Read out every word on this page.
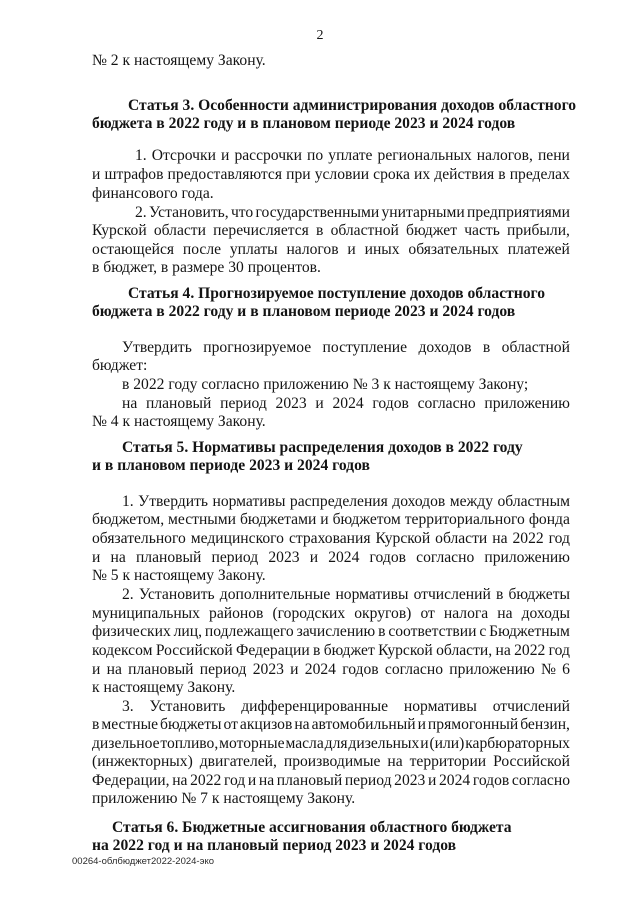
2
№ 2 к настоящему Закону.
Статья 3. Особенности администрирования доходов областного
бюджета в 2022 году и в плановом периоде 2023 и 2024 годов
1. Отсрочки и рассрочки по уплате региональных налогов, пени
и штрафов предоставляются при условии срока их действия в пределах
финансового года.
2. Установить, что государственными унитарными предприятиями
Курской области перечисляется в областной бюджет часть прибыли,
остающейся после уплаты налогов и иных обязательных платежей
в бюджет, в размере 30 процентов.
Статья 4. Прогнозируемое поступление доходов областного
бюджета в 2022 году и в плановом периоде 2023 и 2024 годов
Утвердить прогнозируемое поступление доходов в областной
бюджет:
в 2022 году согласно приложению № 3 к настоящему Закону;
на плановый период 2023 и 2024 годов согласно приложению
№ 4 к настоящему Закону.
Статья 5. Нормативы распределения доходов в 2022 году
и в плановом периоде 2023 и 2024 годов
1. Утвердить нормативы распределения доходов между областным
бюджетом, местными бюджетами и бюджетом территориального фонда
обязательного медицинского страхования Курской области на 2022 год
и на плановый период 2023 и 2024 годов согласно приложению
№ 5 к настоящему Закону.
2. Установить дополнительные нормативы отчислений в бюджеты
муниципальных районов (городских округов) от налога на доходы
физических лиц, подлежащего зачислению в соответствии с Бюджетным
кодексом Российской Федерации в бюджет Курской области, на 2022 год
и на плановый период 2023 и 2024 годов согласно приложению № 6
к настоящему Закону.
3. Установить дифференцированные нормативы отчислений
в местные бюджеты от акцизов на автомобильный и прямогонный бензин,
дизельное топливо, моторные масла для дизельных и (или) карбюраторных
(инжекторных) двигателей, производимые на территории Российской
Федерации, на 2022 год и на плановый период 2023 и 2024 годов согласно
приложению № 7 к настоящему Закону.
Статья 6. Бюджетные ассигнования областного бюджета
на 2022 год и на плановый период 2023 и 2024 годов
00264-облбюджет2022-2024-эко
